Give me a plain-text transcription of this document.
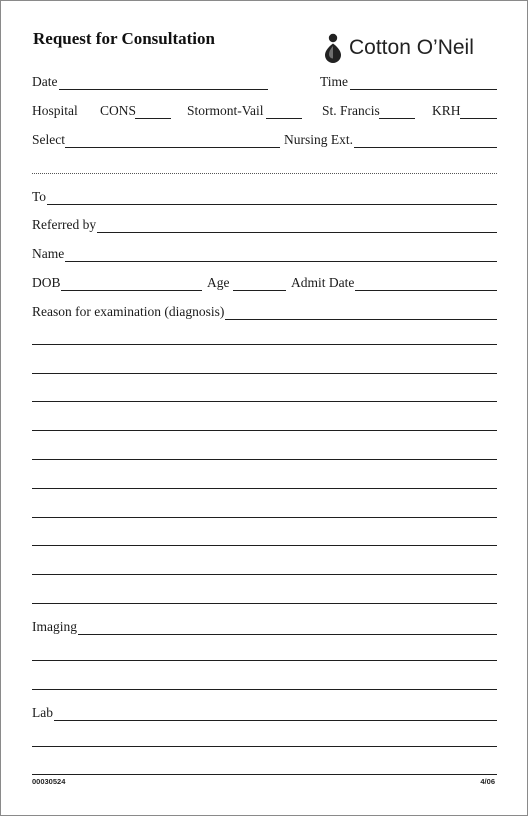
Request for Consultation	Cotton O’Neil
Date	Time
Hospital CONS	Stormont-Vail	St. Francis	KRH
Select	Nursing Ext.
To
Referred by
Name
DOB	Age	Admit Date
Reason for examination (diagnosis)
Imaging
Lab
00030524	4/06
